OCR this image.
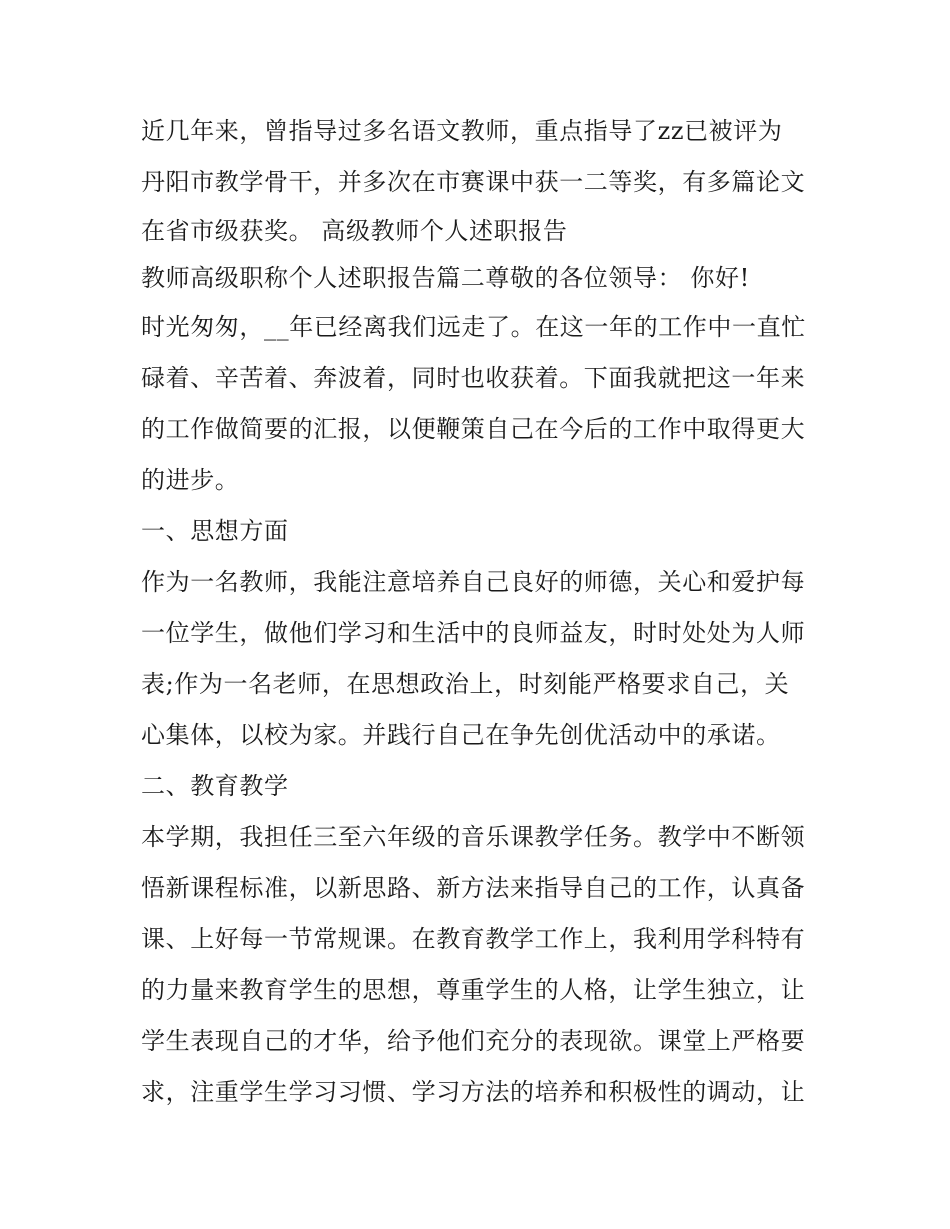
近几年来，曾指导过多名语文教师，重点指导了zz已被评为
丹阳市教学骨干，并多次在市赛课中获一二等奖，有多篇论文
在省市级获奖。 高级教师个人述职报告
教师高级职称个人述职报告篇二尊敬的各位领导： 你好!
时光匆匆，__年已经离我们远走了。在这一年的工作中一直忙
碌着、辛苦着、奔波着，同时也收获着。下面我就把这一年来
的工作做简要的汇报，以便鞭策自己在今后的工作中取得更大
的进步。
一、思想方面
作为一名教师，我能注意培养自己良好的师德，关心和爱护每
一位学生，做他们学习和生活中的良师益友，时时处处为人师
表;作为一名老师，在思想政治上，时刻能严格要求自己，关
心集体，以校为家。并践行自己在争先创优活动中的承诺。
二、教育教学
本学期，我担任三至六年级的音乐课教学任务。教学中不断领
悟新课程标准，以新思路、新方法来指导自己的工作，认真备
课、上好每一节常规课。在教育教学工作上，我利用学科特有
的力量来教育学生的思想，尊重学生的人格，让学生独立，让
学生表现自己的才华，给予他们充分的表现欲。课堂上严格要
求，注重学生学习习惯、学习方法的培养和积极性的调动，让
